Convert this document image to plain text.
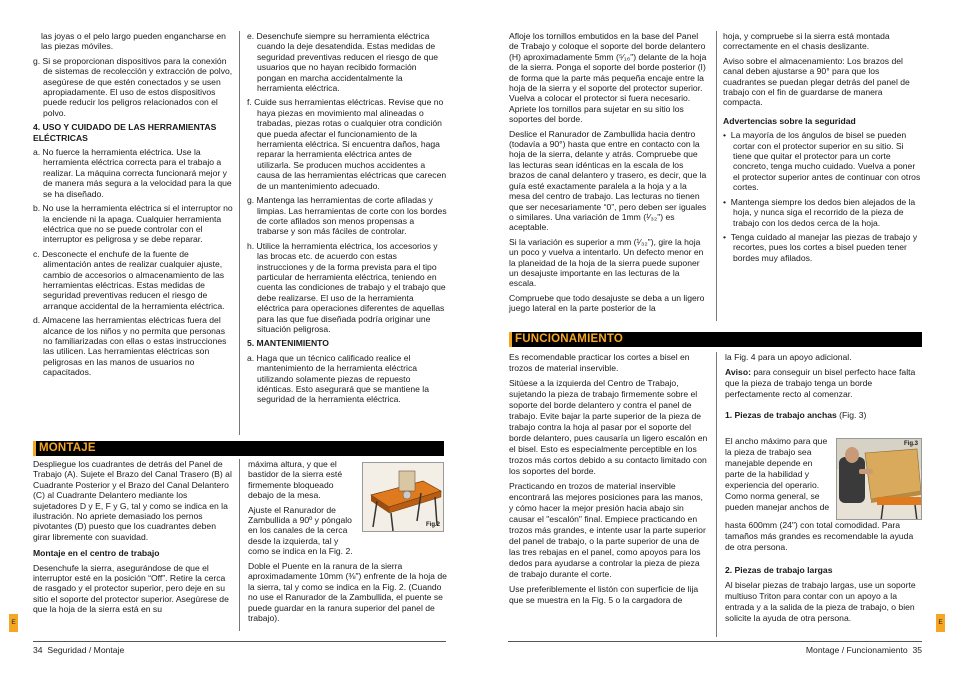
las joyas o el pelo largo pueden engancharse en las piezas móviles.

g. Si se proporcionan dispositivos para la conexión de sistemas de recolección y extracción de polvo, asegúrese de que estén conectados y se usen apropiadamente. El uso de estos dispositivos puede reducir los peligros relacionados con el polvo.

4. USO Y CUIDADO DE LAS HERRAMIENTAS ELÉCTRICAS

a. No fuerce la herramienta eléctrica. Use la herramienta eléctrica correcta para el trabajo a realizar. La máquina correcta funcionará mejor y de manera más segura a la velocidad para la que se ha diseñado.

b. No use la herramienta eléctrica si el interruptor no la enciende ni la apaga. Cualquier herramienta eléctrica que no se puede controlar con el interruptor es peligrosa y se debe reparar.

c. Desconecte el enchufe de la fuente de alimentación antes de realizar cualquier ajuste, cambio de accesorios o almacenamiento de las herramientas eléctricas. Estas medidas de seguridad preventivas reducen el riesgo de arranque accidental de la herramienta eléctrica.

d. Almacene las herramientas eléctricas fuera del alcance de los niños y no permita que personas no familiarizadas con ellas o estas instrucciones las utilicen. Las herramientas eléctricas son peligrosas en las manos de usuarios no capacitados.

e. Desenchufe siempre su herramienta eléctrica cuando la deje desatendida. Estas medidas de seguridad preventivas reducen el riesgo de que usuarios que no hayan recibido formación pongan en marcha accidentalmente la herramienta eléctrica.

f. Cuide sus herramientas eléctricas. Revise que no haya piezas en movimiento mal alineadas o trabadas, piezas rotas o cualquier otra condición que pueda afectar el funcionamiento de la herramienta eléctrica. Si encuentra daños, haga reparar la herramienta eléctrica antes de utilizarla. Se producen muchos accidentes a causa de las herramientas eléctricas que carecen de un mantenimiento adecuado.

g. Mantenga las herramientas de corte afiladas y limpias. Las herramientas de corte con los bordes de corte afilados son menos propensas a trabarse y son más fáciles de controlar.

h. Utilice la herramienta eléctrica, los accesorios y las brocas etc. de acuerdo con estas instrucciones y de la forma prevista para el tipo particular de herramienta eléctrica, teniendo en cuenta las condiciones de trabajo y el trabajo que debe realizarse. El uso de la herramienta eléctrica para operaciones diferentes de aquellas para las que fue diseñada podría originar une situación peligrosa.

5. MANTENIMIENTO

a. Haga que un técnico calificado realice el mantenimiento de la herramienta eléctrica utilizando solamente piezas de repuesto idénticas. Esto asegurará que se mantiene la seguridad de la herramienta eléctrica.

MONTAJE

Despliegue los cuadrantes de detrás del Panel de Trabajo (A). Sujete el Brazo del Canal Trasero (B) al Cuadrante Posterior y el Brazo del Canal Delantero (C) al Cuadrante Delantero mediante los sujetadores D y E, F y G, tal y como se indica en la ilustración. No apriete demasiado los pernos pivotantes (D) puesto que los cuadrantes deben girar libremente con suavidad.

Montaje en el centro de trabajo

Desenchufe la sierra, asegurándose de que el interruptor esté en la posición “Off”. Retire la cerca de rasgado y el protector superior, pero deje en su sitio el soporte del protector superior. Asegúrese de que la hoja de la sierra está en su

máxima altura, y que el bastidor de la sierra esté firmemente bloqueado debajo de la mesa.

Ajuste el Ranurador de Zambullida a 90º y póngalo en los canales de la cerca desde la izquierda, tal y como se indica en la Fig. 2.

Fig.2

Doble el Puente en la ranura de la sierra aproximadamente 10mm (⅜") enfrente de la hoja de la sierra, tal y como se indica en la Fig. 2. (Cuando no use el Ranurador de la Zambullida, el puente se puede guardar en la ranura superior del panel de trabajo).

E
34 Seguridad / Montaje

Afloje los tornillos embutidos en la base del Panel de Trabajo y coloque el soporte del borde delantero (H) aproximadamente 5mm (⁵⁄₁₆") delante de la hoja de la sierra. Ponga el soporte del borde posterior (I) de forma que la parte más pequeña encaje entre la hoja de la sierra y el soporte del protector superior. Vuelva a colocar el protector si fuera necesario. Apriete los tornillos para sujetar en su sitio los soportes del borde.

Deslice el Ranurador de Zambullida hacia dentro (todavía a 90°) hasta que entre en contacto con la hoja de la sierra, delante y atrás. Compruebe que las lecturas sean idénticas en la escala de los brazos de canal delantero y trasero, es decir, que la guía esté exactamente paralela a la hoja y a la mesa del centro de trabajo. Las lecturas no tienen que ser necesariamente “0”, pero deben ser iguales o similares. Una variación de 1mm (¹⁄₃₂") es aceptable.

Si la variación es superior a mm (¹⁄₃₂"), gire la hoja un poco y vuelva a intentarlo. Un defecto menor en la planeidad de la hoja de la sierra puede suponer un desajuste importante en las lecturas de la escala.

Compruebe que todo desajuste se deba a un ligero juego lateral en la parte posterior de la

hoja, y compruebe si la sierra está montada correctamente en el chasis deslizante.

Aviso sobre el almacenamiento: Los brazos del canal deben ajustarse a 90° para que los cuadrantes se puedan plegar detrás del panel de trabajo con el fin de guardarse de manera compacta.

Advertencias sobre la seguridad

• La mayoría de los ángulos de bisel se pueden cortar con el protector superior en su sitio. Si tiene que quitar el protector para un corte concreto, tenga mucho cuidado. Vuelva a poner el protector superior antes de continuar con otros cortes.

• Mantenga siempre los dedos bien alejados de la hoja, y nunca siga el recorrido de la pieza de trabajo con los dedos cerca de la hoja.

• Tenga cuidado al manejar las piezas de trabajo y recortes, pues los cortes a bisel pueden tener bordes muy afilados.

FUNCIONAMIENTO

Es recomendable practicar los cortes a bisel en trozos de material inservible.

Sitúese a la izquierda del Centro de Trabajo, sujetando la pieza de trabajo firmemente sobre el soporte del borde delantero y contra el panel de trabajo. Evite bajar la parte superior de la pieza de trabajo contra la hoja al pasar por el soporte del borde delantero, pues causaría un ligero escalón en el bisel. Esto es especialmente perceptible en los trozos más cortos debido a su contacto limitado con los soportes del borde.

Practicando en trozos de material inservible encontrará las mejores posiciones para las manos, y cómo hacer la mejor presión hacia abajo sin causar el "escalón" final. Empiece practicando en trozos más grandes, e intente usar la parte superior del panel de trabajo, o la parte superior de una de las tres rebajas en el panel, como apoyos para los dedos para ayudarse a controlar la pieza de pieza de trabajo durante el corte.

Use preferiblemente el listón con superficie de lija que se muestra en la Fig. 5 o la cargadora de

la Fig. 4 para un apoyo adicional.

Aviso: para conseguir un bisel perfecto hace falta que la pieza de trabajo tenga un borde perfectamente recto al comenzar.

1. Piezas de trabajo anchas (Fig. 3)

El ancho máximo para que la pieza de trabajo sea manejable depende en parte de la habilidad y experiencia del operario. Como norma general, se pueden manejar anchos de

Fig.3

hasta 600mm (24") con total comodidad. Para tamaños más grandes es recomendable la ayuda de otra persona.

2. Piezas de trabajo largas

Al biselar piezas de trabajo largas, use un soporte multiuso Triton para contar con un apoyo a la entrada y a la salida de la pieza de trabajo, o bien solicite la ayuda de otra persona.	E
Montage / Funcionamiento 35
